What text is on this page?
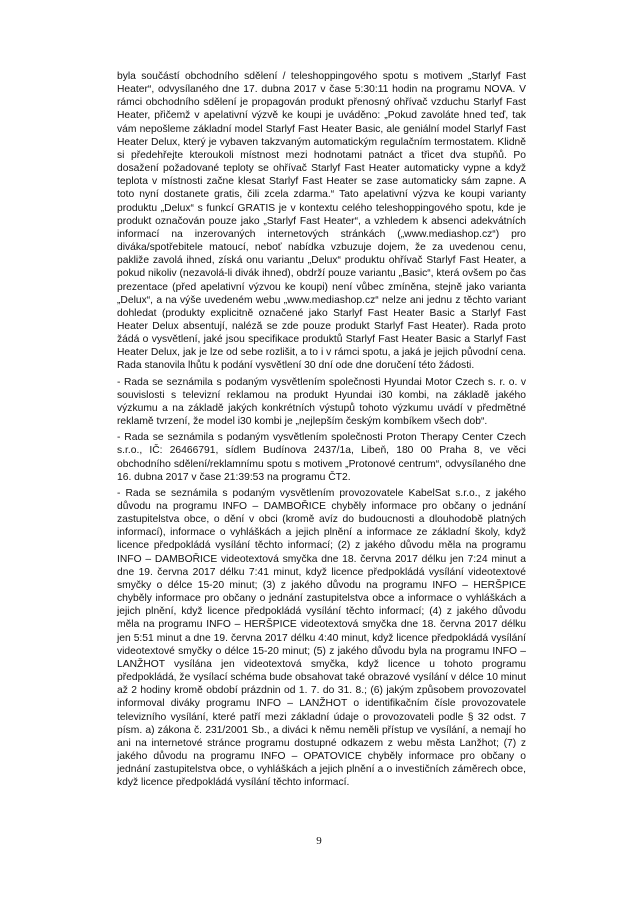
byla součástí obchodního sdělení / teleshoppingového spotu s motivem „Starlyf Fast Heater“, odvysílaného dne 17. dubna 2017 v čase 5:30:11 hodin na programu NOVA. V rámci obchodního sdělení je propagován produkt přenosný ohřívač vzduchu Starlyf Fast Heater, přičemž v apelativní výzvě ke koupi je uváděno: „Pokud zavoláte hned teď, tak vám nepošleme základní model Starlyf Fast Heater Basic, ale geniální model Starlyf Fast Heater Delux, který je vybaven takzvaným automatickým regulačním termostatem. Klidně si předehřejte kteroukoli místnost mezi hodnotami patnáct a třicet dva stupňů. Po dosažení požadované teploty se ohřívač Starlyf Fast Heater automaticky vypne a když teplota v místnosti začne klesat Starlyf Fast Heater se zase automaticky sám zapne. A toto nyní dostanete gratis, čili zcela zdarma.“ Tato apelativní výzva ke koupi varianty produktu „Delux“ s funkcí GRATIS je v kontextu celého teleshoppingového spotu, kde je produkt označován pouze jako „Starlyf Fast Heater“, a vzhledem k absenci adekvátních informací na inzerovaných internetových stránkách („www.mediashop.cz“) pro diváka/spotřebitele matoucí, neboť nabídka vzbuzuje dojem, že za uvedenou cenu, pakliže zavolá ihned, získá onu variantu „Delux“ produktu ohřívač Starlyf Fast Heater, a pokud nikoliv (nezavolá-li divák ihned), obdrží pouze variantu „Basic“, která ovšem po čas prezentace (před apelativní výzvou ke koupi) není vůbec zmíněna, stejně jako varianta „Delux“, a na výše uvedeném webu „www.mediashop.cz“ nelze ani jednu z těchto variant dohledat (produkty explicitně označené jako Starlyf Fast Heater Basic a Starlyf Fast Heater Delux absentují, naléză se zde pouze produkt Starlyf Fast Heater). Rada proto žádá o vysvětlení, jaké jsou specifikace produktů Starlyf Fast Heater Basic a Starlyf Fast Heater Delux, jak je lze od sebe rozlišit, a to i v rámci spotu, a jaká je jejich původní cena. Rada stanovila lhůtu k podání vysvětlení 30 dní ode dne doručení této žádosti.

- Rada se seznámila s podaným vysvětlením společnosti Hyundai Motor Czech s. r. o. v souvislosti s televizní reklamou na produkt Hyundai i30 kombi, na základě jakého výzkumu a na základě jakých konkrétních výstupů tohoto výzkumu uvádí v předmětné reklamě tvrzení, že model i30 kombi je „nejlepším českým kombíkem všech dob“.

- Rada se seznámila s podaným vysvětlením společnosti Proton Therapy Center Czech s.r.o., IČ: 26466791, sídlem Budínova 2437/1a, Libeň, 180 00 Praha 8, ve věci obchodního sdělení/reklamnímu spotu s motivem „Protonové centrum“, odvysílaného dne 16. dubna 2017 v čase 21:39:53 na programu ČT2.

- Rada se seznámila s podaným vysvětlením provozovatele KabelSat s.r.o., z jakého důvodu na programu INFO – DAMBOŘICE chyběly informace pro občany o jednání zastupitelstva obce, o dění v obci (kromě avíz do budoucnosti a dlouhodobě platných informací), informace o vyhláškách a jejich plnění a informace ze základní školy, když licence předpokládá vysílání těchto informací; (2) z jakého důvodu měla na programu INFO – DAMBOŘICE videotextová smyčka dne 18. června 2017 délku jen 7:24 minut a dne 19. června 2017 délku 7:41 minut, když licence předpokládá vysílání videotextové smyčky o délce 15-20 minut; (3) z jakého důvodu na programu INFO – HERŠPICE chyběly informace pro občany o jednání zastupitelstva obce a informace o vyhláškách a jejich plnění, když licence předpokládá vysílání těchto informací; (4) z jakého důvodu měla na programu INFO – HERŠPICE videotextová smyčka dne 18. června 2017 délku jen 5:51 minut a dne 19. června 2017 délku 4:40 minut, když licence předpokládá vysílání videotextové smyčky o délce 15-20 minut; (5) z jakého důvodu byla na programu INFO – LANŽHOT vysílána jen videotextová smyčka, když licence u tohoto programu předpokládá, že vysílací schéma bude obsahovat také obrazové vysílání v délce 10 minut až 2 hodiny kromě období prázdnin od 1. 7. do 31. 8.; (6) jakým způsobem provozovatel informoval diváky programu INFO – LANŽHOT o identifikačním čísle provozovatele televizního vysílání, které patří mezi základní údaje o provozovateli podle § 32 odst. 7 písm. a) zákona č. 231/2001 Sb., a diváci k němu neměli přístup ve vysílání, a nemají ho ani na internetové stránce programu dostupné odkazem z webu města Lanžhot; (7) z jakého důvodu na programu INFO – OPATOVICE chyběly informace pro občany o jednání zastupitelstva obce, o vyhláškách a jejich plnění a o investičních záměrech obce, když licence předpokládá vysílání těchto informací.

9
